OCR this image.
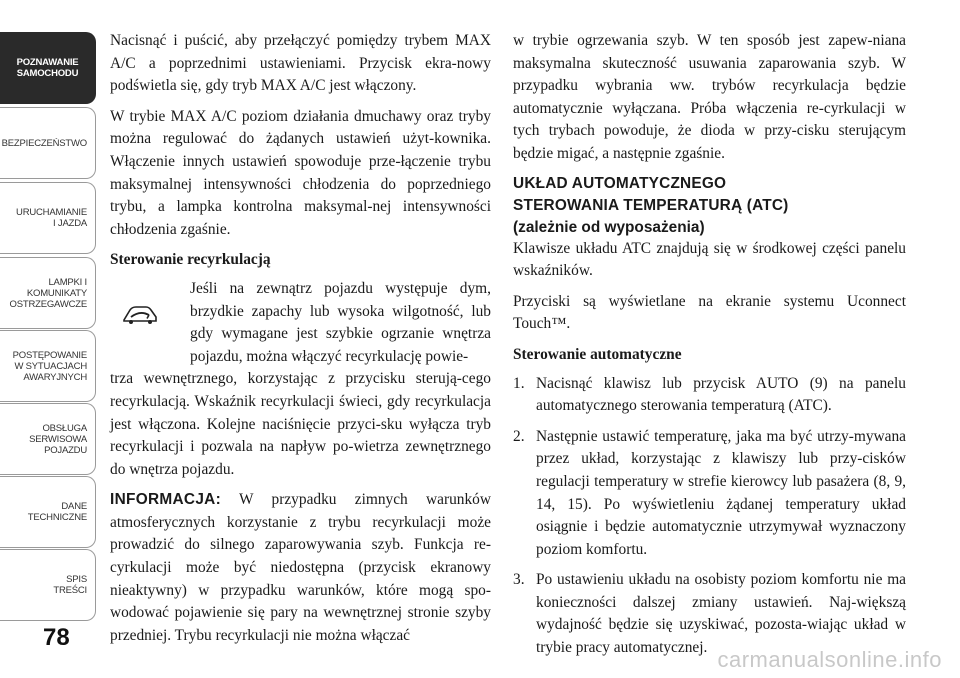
POZNAWANIE
SAMOCHODU
BEZPIECZEŃSTWO
URUCHAMIANIE
I JAZDA
LAMPKI I
KOMUNIKATY
OSTRZEGAWCZE
POSTĘPOWANIE
W SYTUACJACH
AWARYJNYCH
OBSŁUGA
SERWISOWA
POJAZDU
DANE
TECHNICZNE
SPIS
TREŚCI
78

Nacisnąć i puścić, aby przełączyć pomiędzy trybem MAX A/C a poprzednimi ustawieniami. Przycisk ekra-nowy podświetla się, gdy tryb MAX A/C jest włączony.

W trybie MAX A/C poziom działania dmuchawy oraz tryby można regulować do żądanych ustawień użyt-kownika. Włączenie innych ustawień spowoduje prze-łączenie trybu maksymalnej intensywności chłodzenia do poprzedniego trybu, a lampka kontrolna maksymal-nej intensywności chłodzenia zgaśnie.

Sterowanie recyrkulacją

Jeśli na zewnątrz pojazdu występuje dym, brzydkie zapachy lub wysoka wilgotność, lub gdy wymagane jest szybkie ogrzanie wnętrza pojazdu, można włączyć recyrkulację powie-

trza wewnętrznego, korzystając z przycisku sterują-cego recyrkulacją. Wskaźnik recyrkulacji świeci, gdy recyrkulacja jest włączona. Kolejne naciśnięcie przyci-sku wyłącza tryb recyrkulacji i pozwala na napływ po-wietrza zewnętrznego do wnętrza pojazdu.

INFORMACJA: W przypadku zimnych warunków atmosferycznych korzystanie z trybu recyrkulacji może prowadzić do silnego zaparowywania szyb. Funkcja re-cyrkulacji może być niedostępna (przycisk ekranowy nieaktywny) w przypadku warunków, które mogą spo-wodować pojawienie się pary na wewnętrznej stronie szyby przedniej. Trybu recyrkulacji nie można włączać

w trybie ogrzewania szyb. W ten sposób jest zapew-niana maksymalna skuteczność usuwania zaparowania szyb. W przypadku wybrania ww. trybów recyrkulacja będzie automatycznie wyłączana. Próba włączenia re-cyrkulacji w tych trybach powoduje, że dioda w przy-cisku sterującym będzie migać, a następnie zgaśnie.

UKŁAD AUTOMATYCZNEGO
STEROWANIA TEMPERATURĄ (ATC)
(zależnie od wyposażenia)

Klawisze układu ATC znajdują się w środkowej części panelu wskaźników.

Przyciski są wyświetlane na ekranie systemu Uconnect Touch™.

Sterowanie automatyczne
1. Nacisnąć klawisz lub przycisk AUTO (9) na panelu automatycznego sterowania temperaturą (ATC).
2. Następnie ustawić temperaturę, jaka ma być utrzy-mywana przez układ, korzystając z klawiszy lub przy-cisków regulacji temperatury w strefie kierowcy lub pasażera (8, 9, 14, 15). Po wyświetleniu żądanej temperatury układ osiągnie i będzie automatycznie utrzymywał wyznaczony poziom komfortu.
3. Po ustawieniu układu na osobisty poziom komfortu nie ma konieczności dalszej zmiany ustawień. Naj-większą wydajność będzie się uzyskiwać, pozosta-wiając układ w trybie pracy automatycznej. carmanualsonline.info
